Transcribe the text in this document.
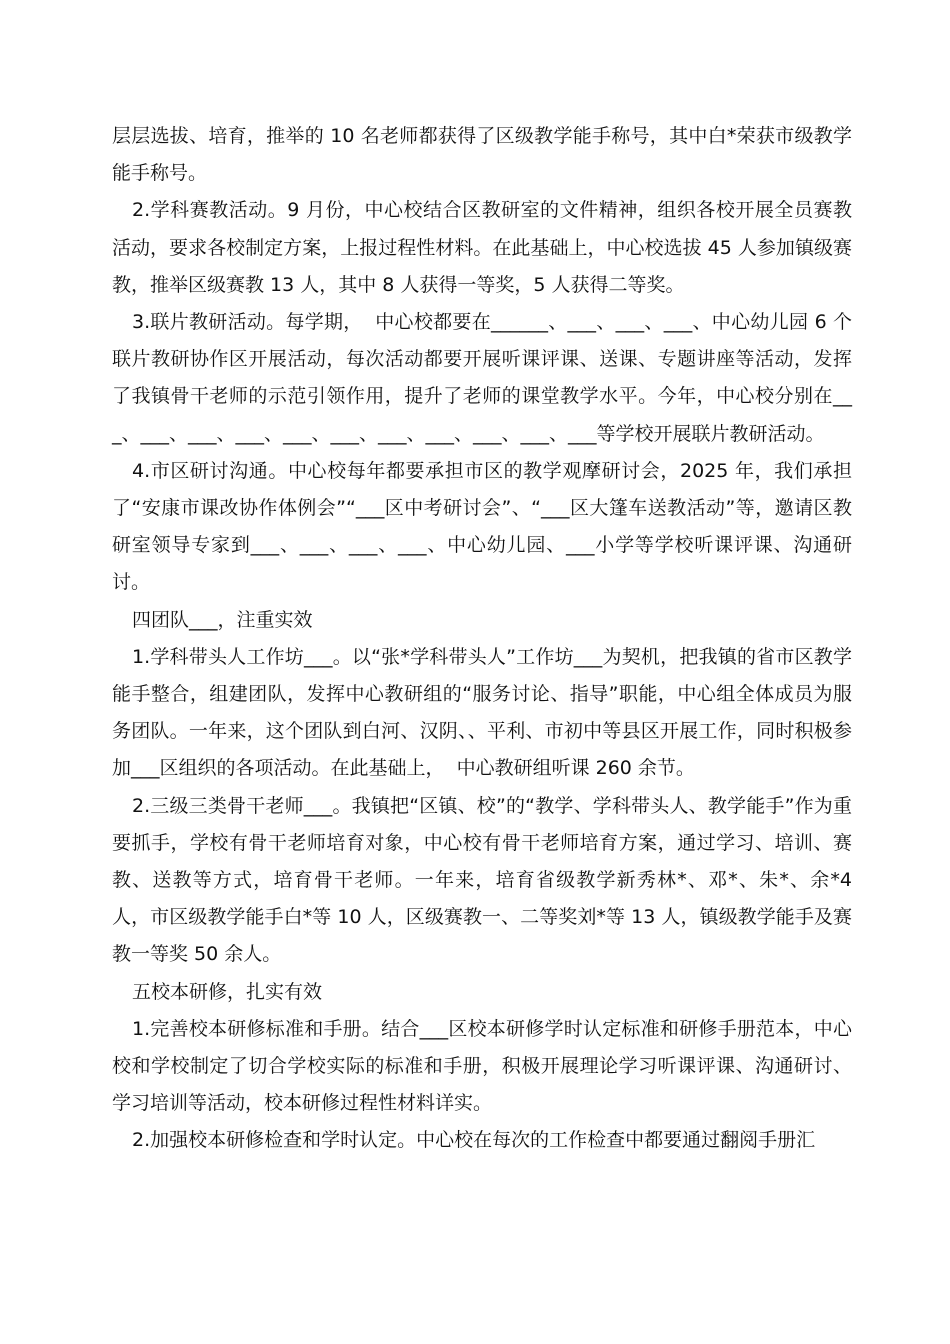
层层选拔、培育，推举的 10 名老师都获得了区级教学能手称号，其中白*荣获市级教学能手称号。

2.学科赛教活动。9 月份，中心校结合区教研室的文件精神，组织各校开展全员赛教活动，要求各校制定方案，上报过程性材料。在此基础上，中心校选拔 45 人参加镇级赛教，推举区级赛教 13 人，其中 8 人获得一等奖，5 人获得二等奖。

3.联片教研活动。每学期，  中心校都要在______、___、___、___、中心幼儿园 6 个联片教研协作区开展活动，每次活动都要开展听课评课、送课、专题讲座等活动，发挥了我镇骨干老师的示范引领作用，提升了老师的课堂教学水平。今年，中心校分别在___、___、___、___、___、___、___、___、___、___、___等学校开展联片教研活动。

4.市区研讨沟通。中心校每年都要承担市区的教学观摩研讨会，2025 年，我们承担了“安康市课改协作体例会”“___区中考研讨会”、“___区大篷车送教活动”等，邀请区教研室领导专家到___、___、___、___、中心幼儿园、___小学等学校听课评课、沟通研讨。

四团队___，注重实效

1.学科带头人工作坊___。以“张*学科带头人”工作坊___为契机，把我镇的省市区教学能手整合，组建团队，发挥中心教研组的“服务讨论、指导”职能，中心组全体成员为服务团队。一年来，这个团队到白河、汉阴、、平利、市初中等县区开展工作，同时积极参加___区组织的各项活动。在此基础上，  中心教研组听课 260 余节。

2.三级三类骨干老师___。我镇把“区镇、校”的“教学、学科带头人、教学能手”作为重要抓手，学校有骨干老师培育对象，中心校有骨干老师培育方案，通过学习、培训、赛教、送教等方式，培育骨干老师。一年来，培育省级教学新秀林*、邓*、朱*、余*4 人，市区级教学能手白*等 10 人，区级赛教一、二等奖刘*等 13 人，镇级教学能手及赛教一等奖 50 余人。

五校本研修，扎实有效

1.完善校本研修标准和手册。结合___区校本研修学时认定标准和研修手册范本，中心校和学校制定了切合学校实际的标准和手册，积极开展理论学习听课评课、沟通研讨、学习培训等活动，校本研修过程性材料详实。

2.加强校本研修检查和学时认定。中心校在每次的工作检查中都要通过翻阅手册汇
